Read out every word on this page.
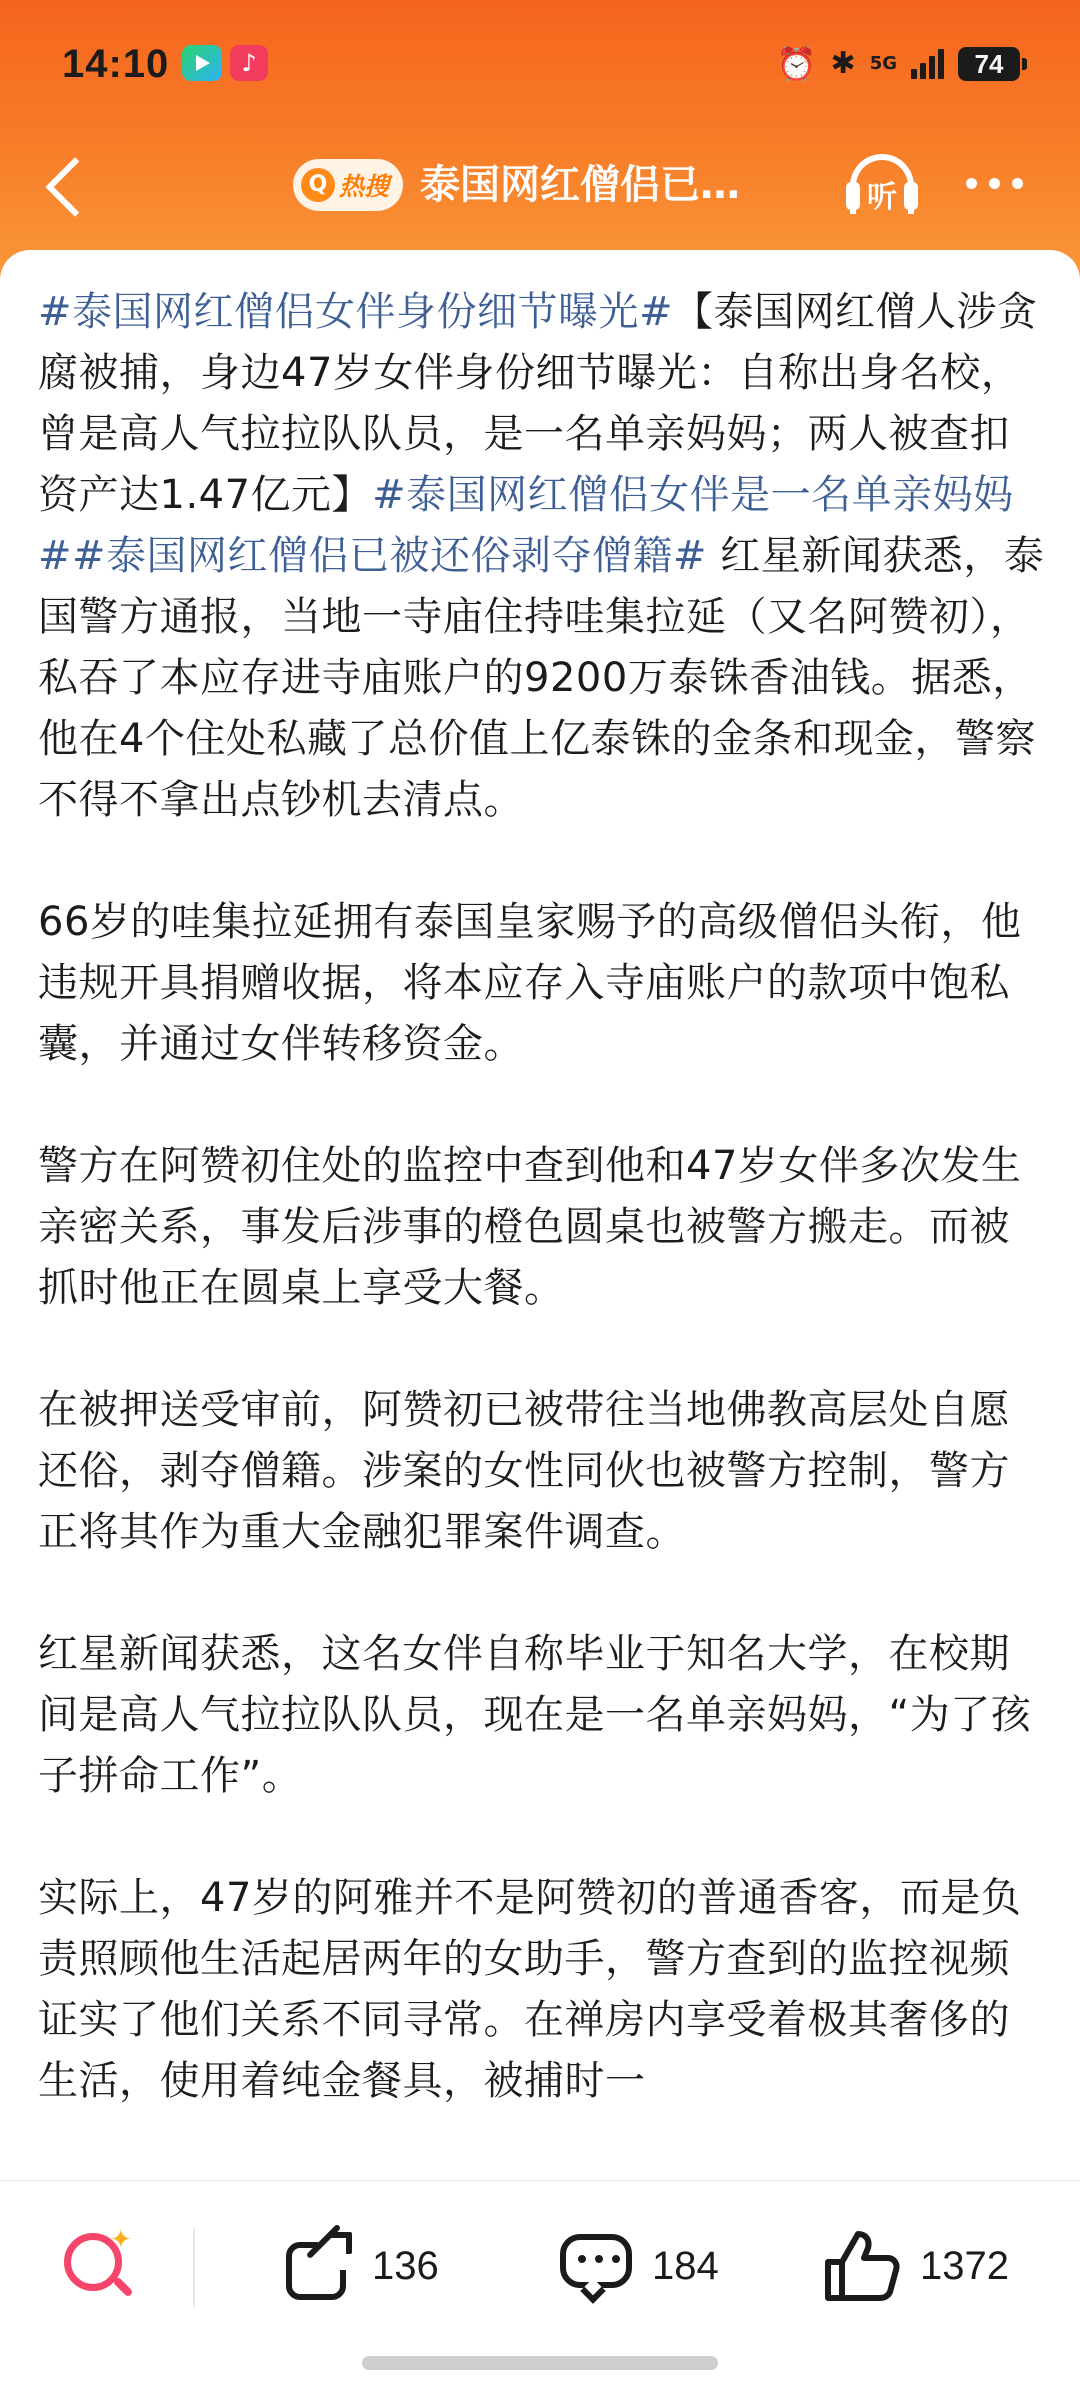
14:10	♪	⏰ ✱ 5G	74
Q 热搜 泰国网红僧侣已…	听

#泰国网红僧侣女伴身份细节曝光#【泰国网红僧人涉贪腐被捕，身边47岁女伴身份细节曝光：自称出身名校，曾是高人气拉拉队队员，是一名单亲妈妈；两人被查扣资产达1.47亿元】#泰国网红僧侣女伴是一名单亲妈妈##泰国网红僧侣已被还俗剥夺僧籍# 红星新闻获悉，泰国警方通报，当地一寺庙住持哇集拉延（又名阿赞初），私吞了本应存进寺庙账户的9200万泰铢香油钱。据悉，他在4个住处私藏了总价值上亿泰铢的金条和现金，警察不得不拿出点钞机去清点。

66岁的哇集拉延拥有泰国皇家赐予的高级僧侣头衔，他违规开具捐赠收据，将本应存入寺庙账户的款项中饱私囊，并通过女伴转移资金。

警方在阿赞初住处的监控中查到他和47岁女伴多次发生亲密关系，事发后涉事的橙色圆桌也被警方搬走。而被抓时他正在圆桌上享受大餐。

在被押送受审前，阿赞初已被带往当地佛教高层处自愿还俗，剥夺僧籍。涉案的女性同伙也被警方控制，警方正将其作为重大金融犯罪案件调查。

红星新闻获悉，这名女伴自称毕业于知名大学，在校期间是高人气拉拉队队员，现在是一名单亲妈妈，“为了孩子拼命工作”。

实际上，47岁的阿雅并不是阿赞初的普通香客，而是负责照顾他生活起居两年的女助手，警方查到的监控视频证实了他们关系不同寻常。在禅房内享受着极其奢侈的生活，使用着纯金餐具，被捕时一

✦
136	184	1372
